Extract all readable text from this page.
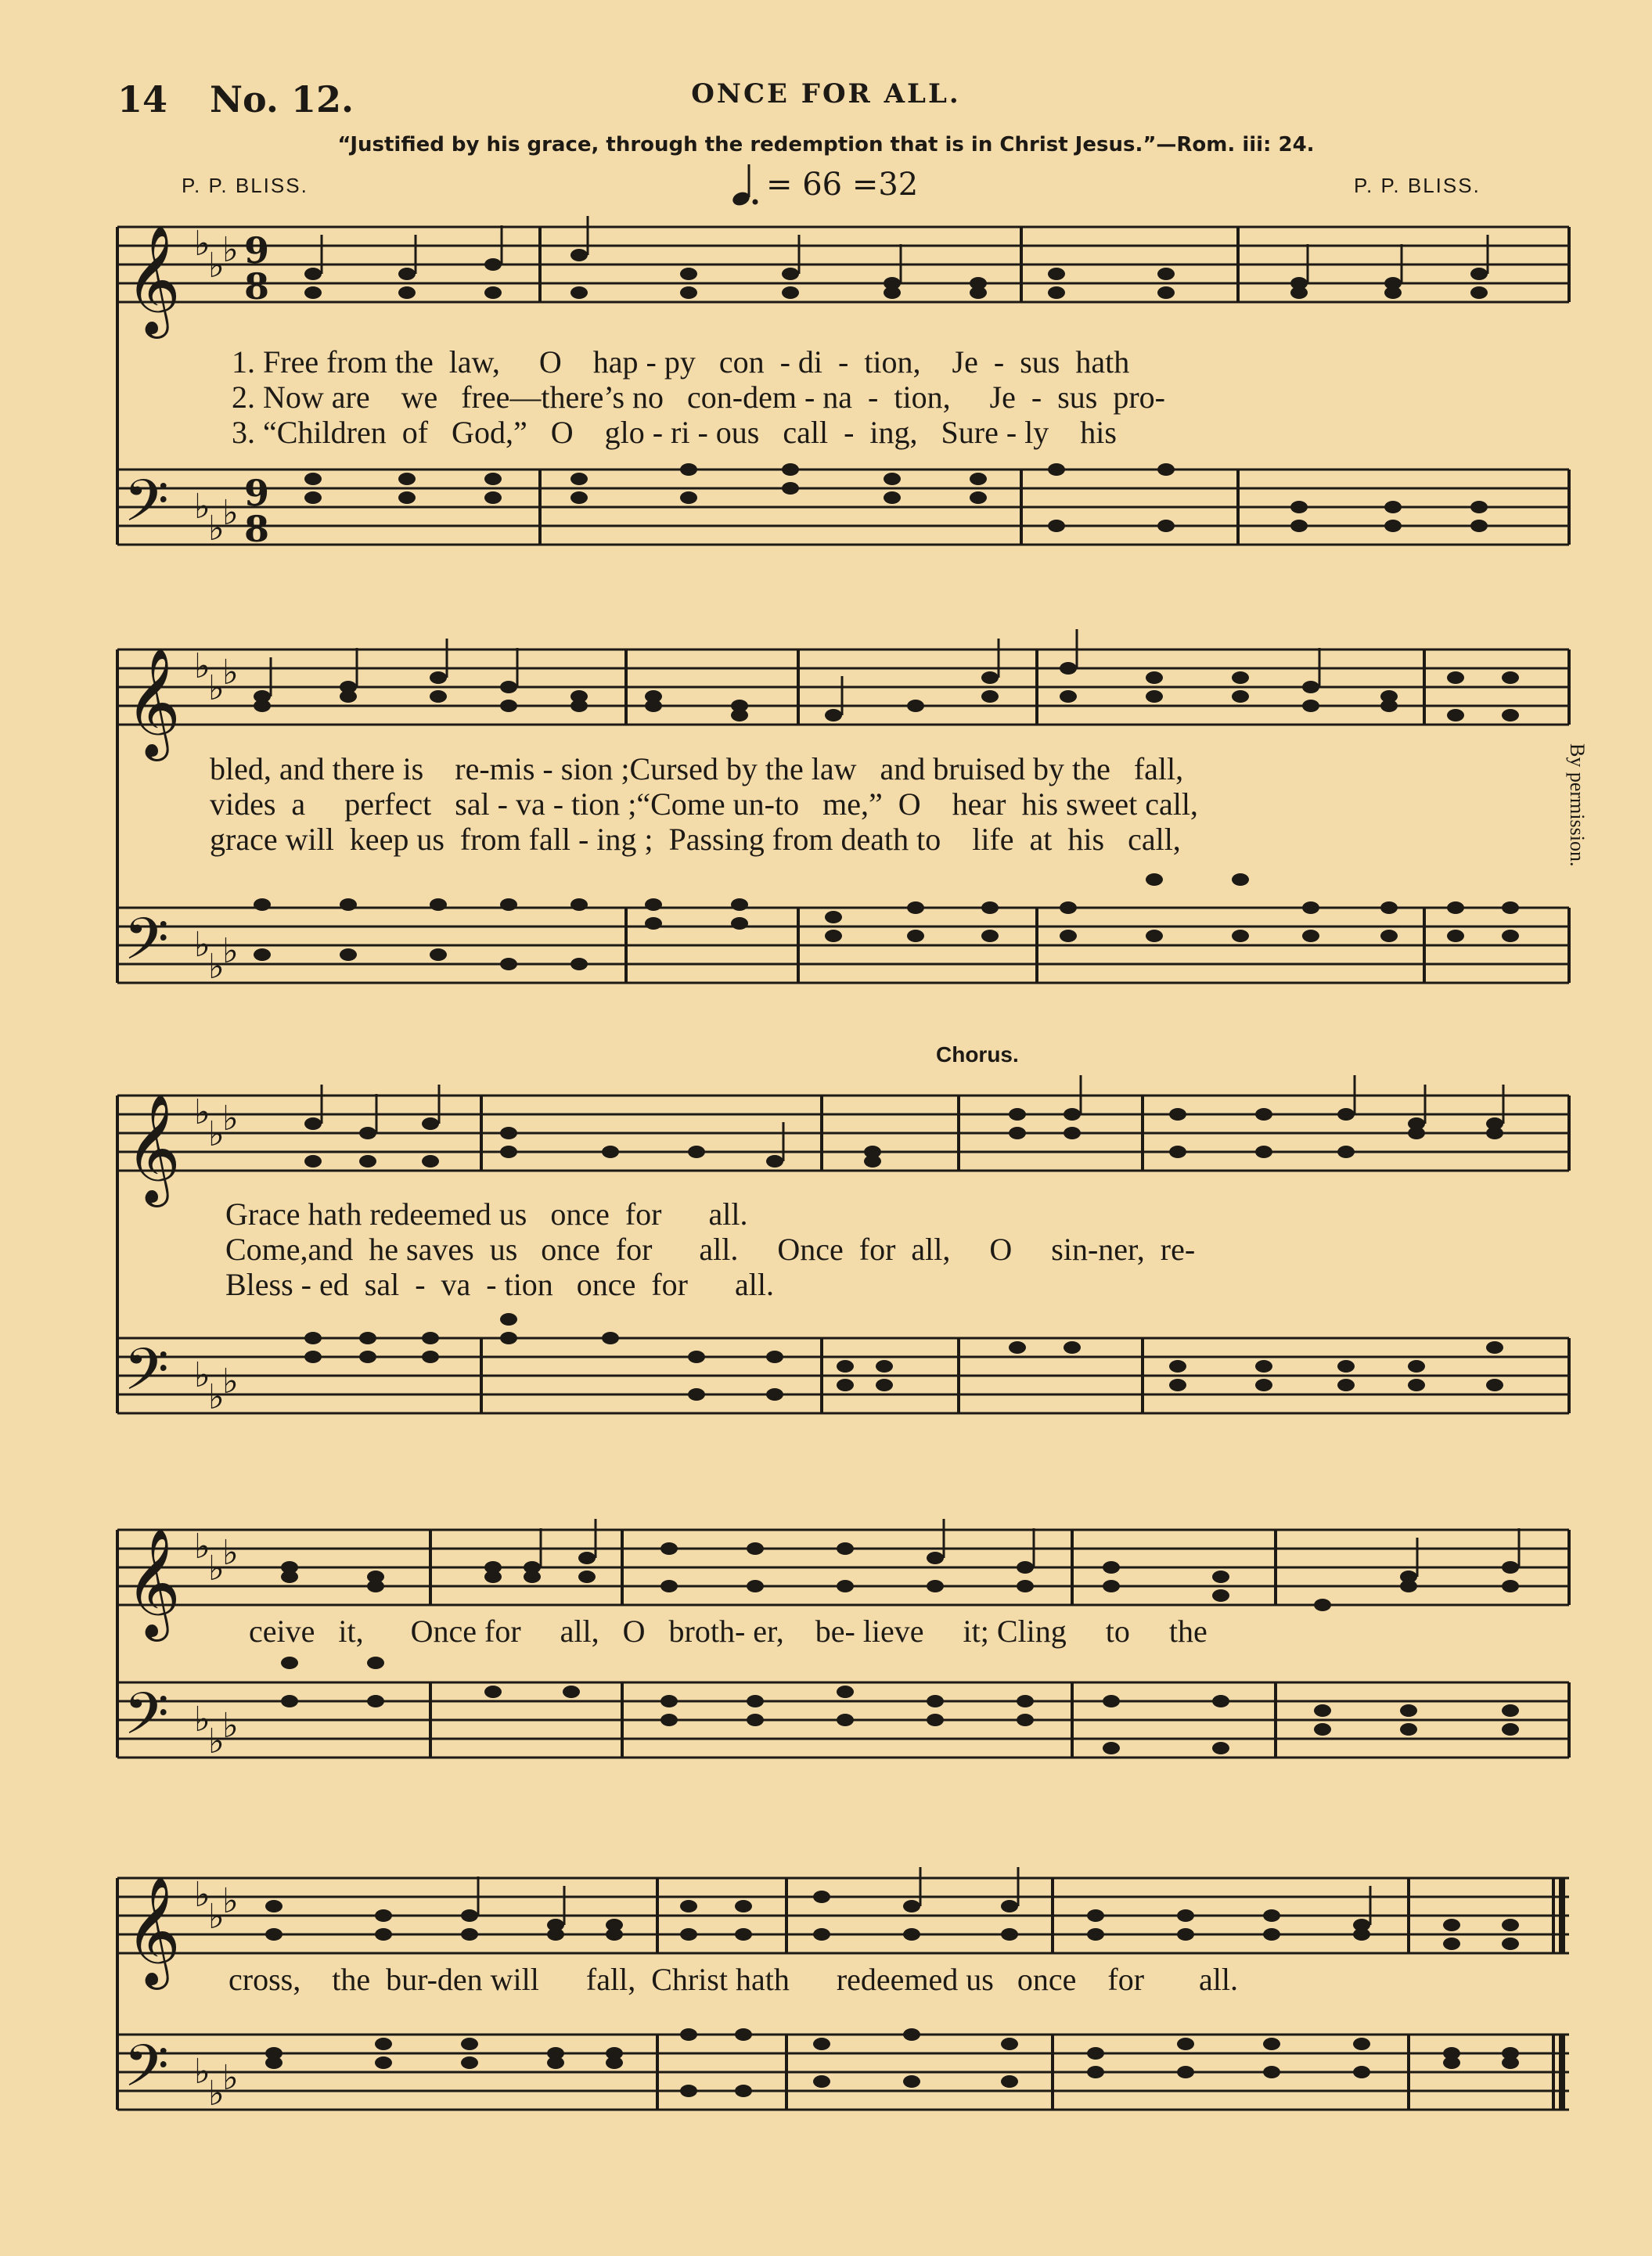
14 No. 12.	ONCE FOR ALL.
“Justified by his grace, through the redemption that is in Christ Jesus.”—Rom. iii: 24.
P. P. BLISS.	P. P. BLISS.
= 66 =32
By permission.
𝄞 ♭
♭
♭ 9
8
𝄢 ♭
♭
♭ 9
8
1. Free from the  law,     O    hap - py   con  - di  -  tion,    Je  -  sus  hath
2. Now are    we   free—there’s no   con-dem - na  -  tion,     Je  -  sus  pro-
3. “Children  of   God,”   O    glo - ri - ous   call  -  ing,   Sure - ly    his
𝄞 ♭
♭
♭
𝄢 ♭
♭
♭
bled, and there is    re-mis - sion ;Cursed by the law   and bruised by the   fall,
vides  a     perfect   sal - va - tion ;“Come un-to   me,”  O    hear  his sweet call,
grace will  keep us  from fall - ing ;  Passing from death to    life  at  his   call,
Chorus.
𝄞 ♭
♭
♭
𝄢 ♭
♭
♭
Grace hath redeemed us   once  for      all.
Come,and  he saves  us   once  for      all.     Once  for  all,     O     sin-ner,  re-
Bless - ed  sal  -  va  - tion   once  for      all.
𝄞 ♭
♭
♭
𝄢 ♭
♭
♭
ceive   it,      Once for     all,   O   broth- er,    be- lieve     it; Cling     to     the
𝄞 ♭
♭
♭
𝄢 ♭
♭
♭
cross,    the  bur-den will      fall,  Christ hath      redeemed us   once    for       all.
